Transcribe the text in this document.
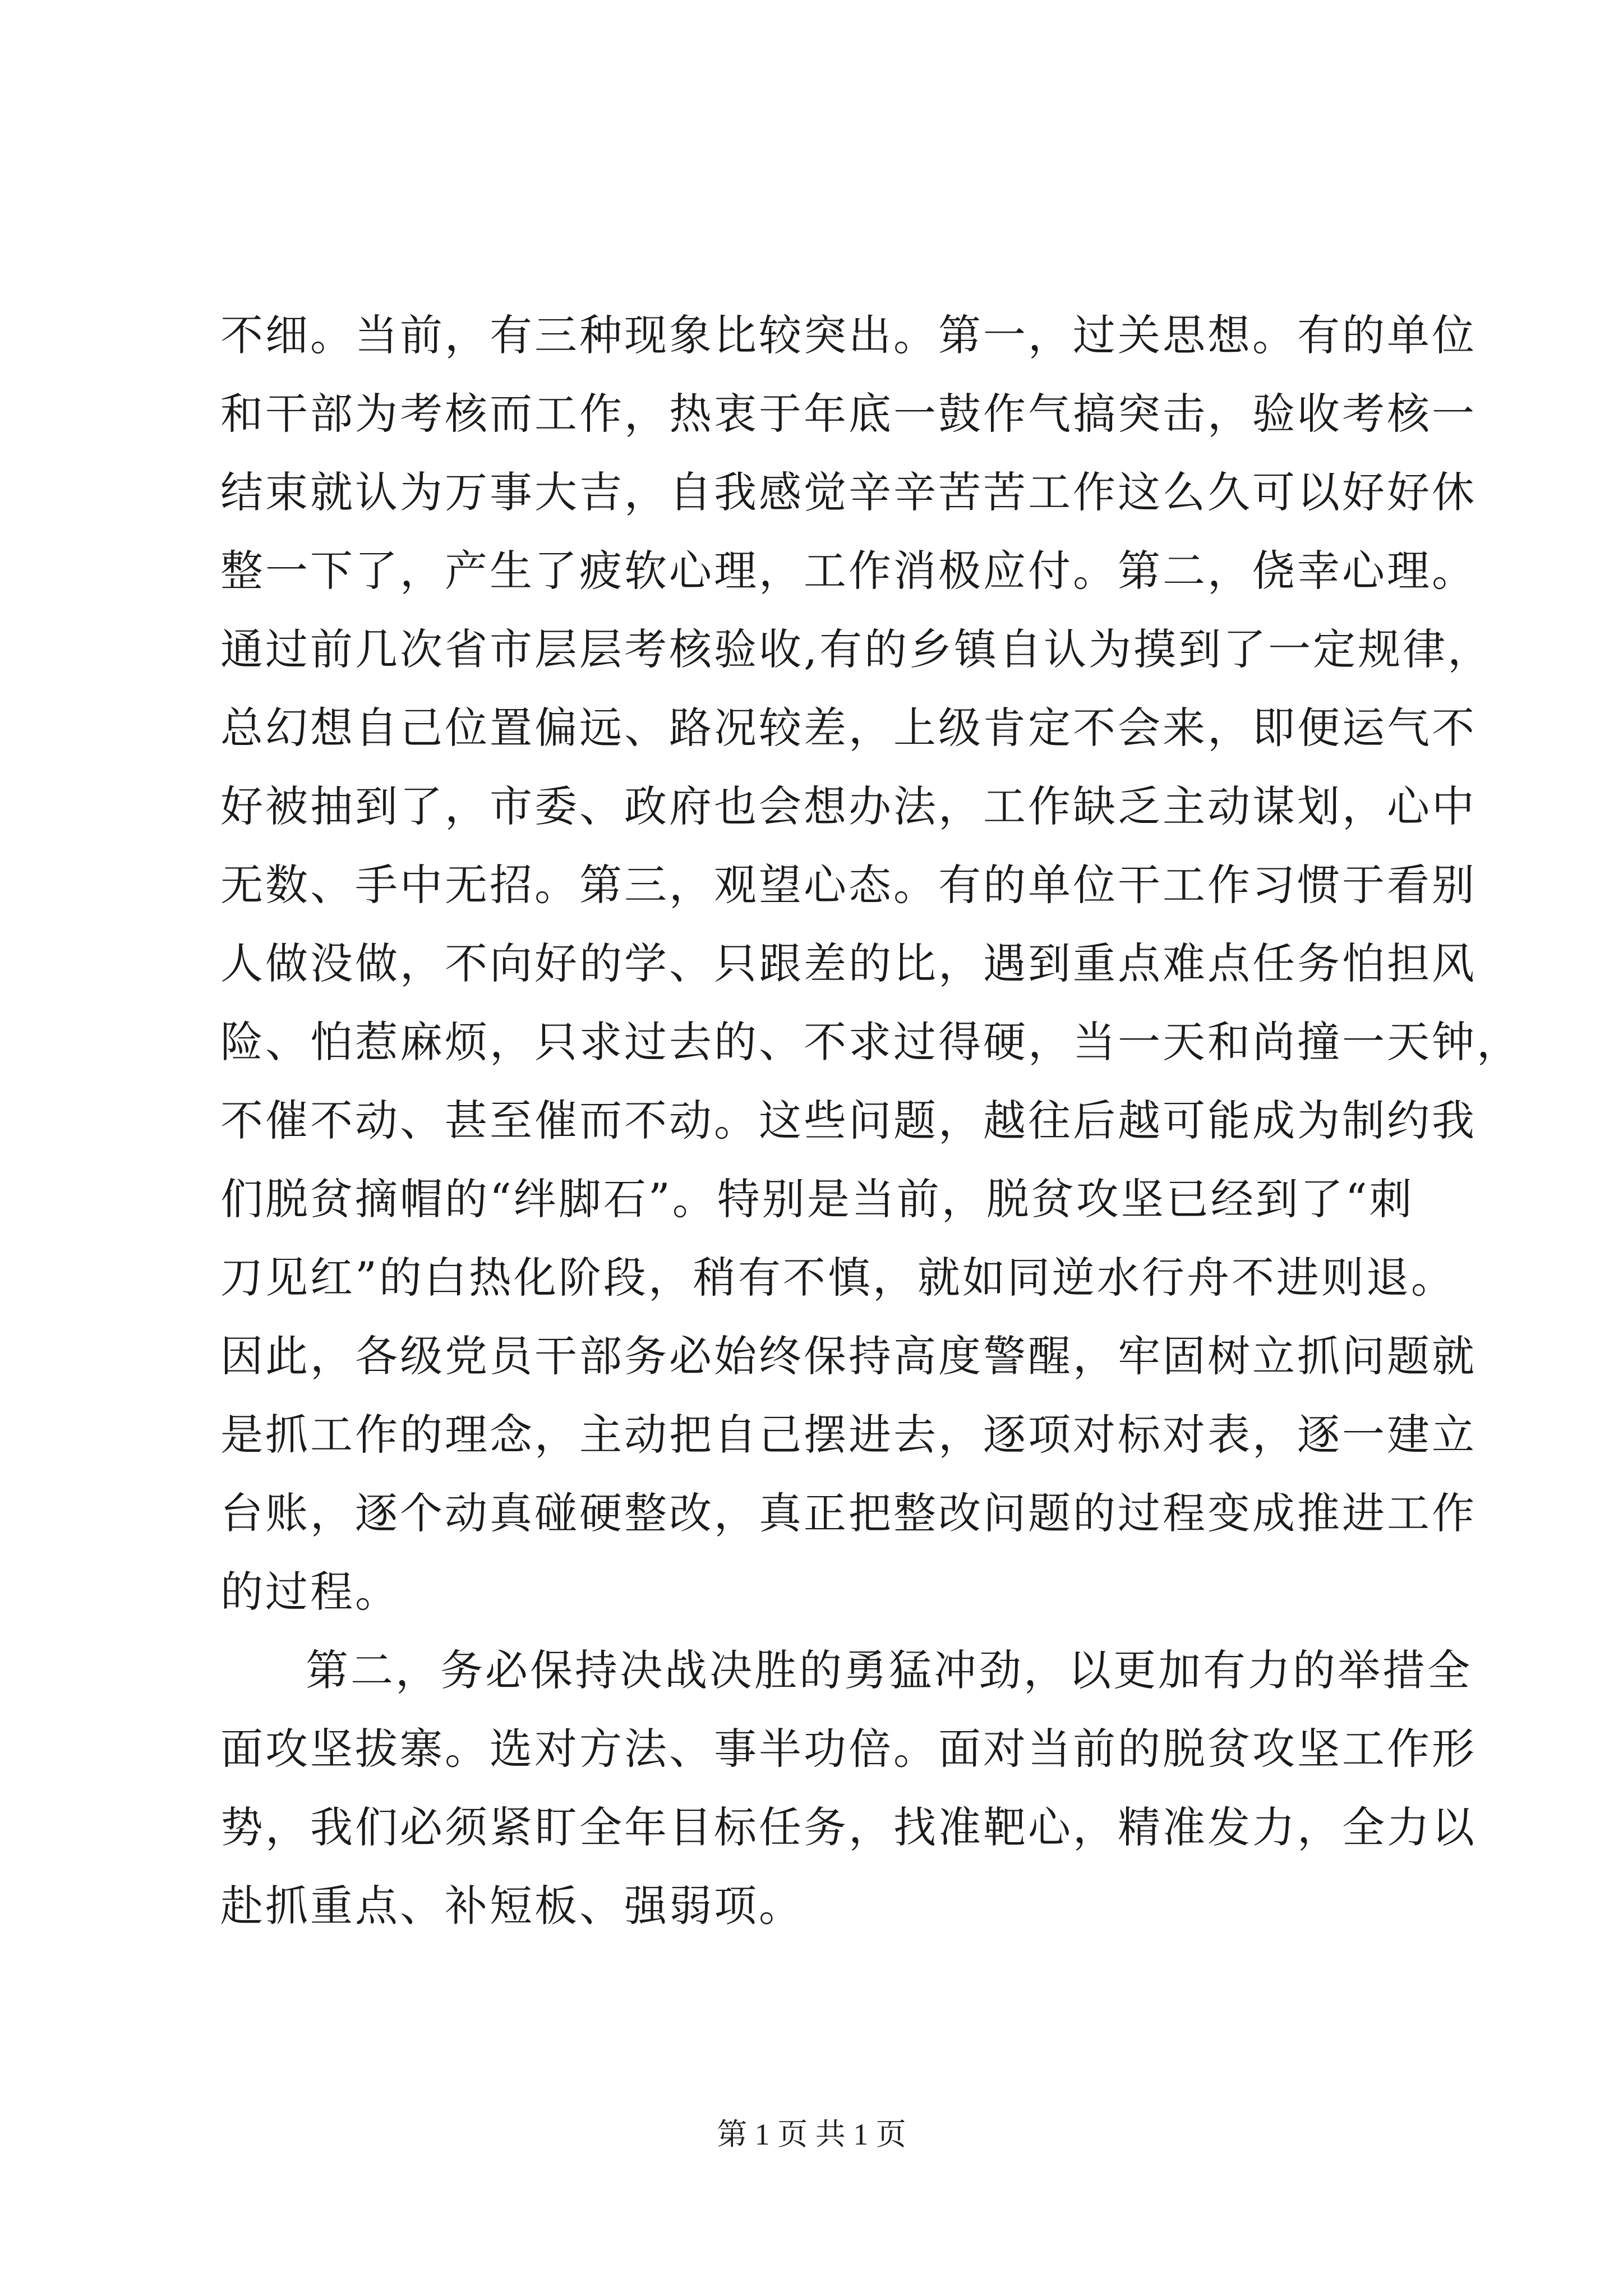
不细。当前，有三种现象比较突出。第一，过关思想。有的单位
和干部为考核而工作，热衷于年底一鼓作气搞突击，验收考核一
结束就认为万事大吉，自我感觉辛辛苦苦工作这么久可以好好休
整一下了，产生了疲软心理，工作消极应付。第二，侥幸心理。
通过前几次省市层层考核验收,有的乡镇自认为摸到了一定规律，
总幻想自己位置偏远、路况较差，上级肯定不会来，即便运气不
好被抽到了，市委、政府也会想办法，工作缺乏主动谋划，心中
无数、手中无招。第三，观望心态。有的单位干工作习惯于看别
人做没做，不向好的学、只跟差的比，遇到重点难点任务怕担风
险、怕惹麻烦，只求过去的、不求过得硬，当一天和尚撞一天钟，
不催不动、甚至催而不动。这些问题，越往后越可能成为制约我
们脱贫摘帽的“绊脚石”。特别是当前，脱贫攻坚已经到了“刺
刀见红”的白热化阶段，稍有不慎，就如同逆水行舟不进则退。
因此，各级党员干部务必始终保持高度警醒，牢固树立抓问题就
是抓工作的理念，主动把自己摆进去，逐项对标对表，逐一建立
台账，逐个动真碰硬整改，真正把整改问题的过程变成推进工作
的过程。
第二，务必保持决战决胜的勇猛冲劲，以更加有力的举措全
面攻坚拔寨。选对方法、事半功倍。面对当前的脱贫攻坚工作形
势，我们必须紧盯全年目标任务，找准靶心，精准发力，全力以
赴抓重点、补短板、强弱项。
第 1 页 共 1 页
